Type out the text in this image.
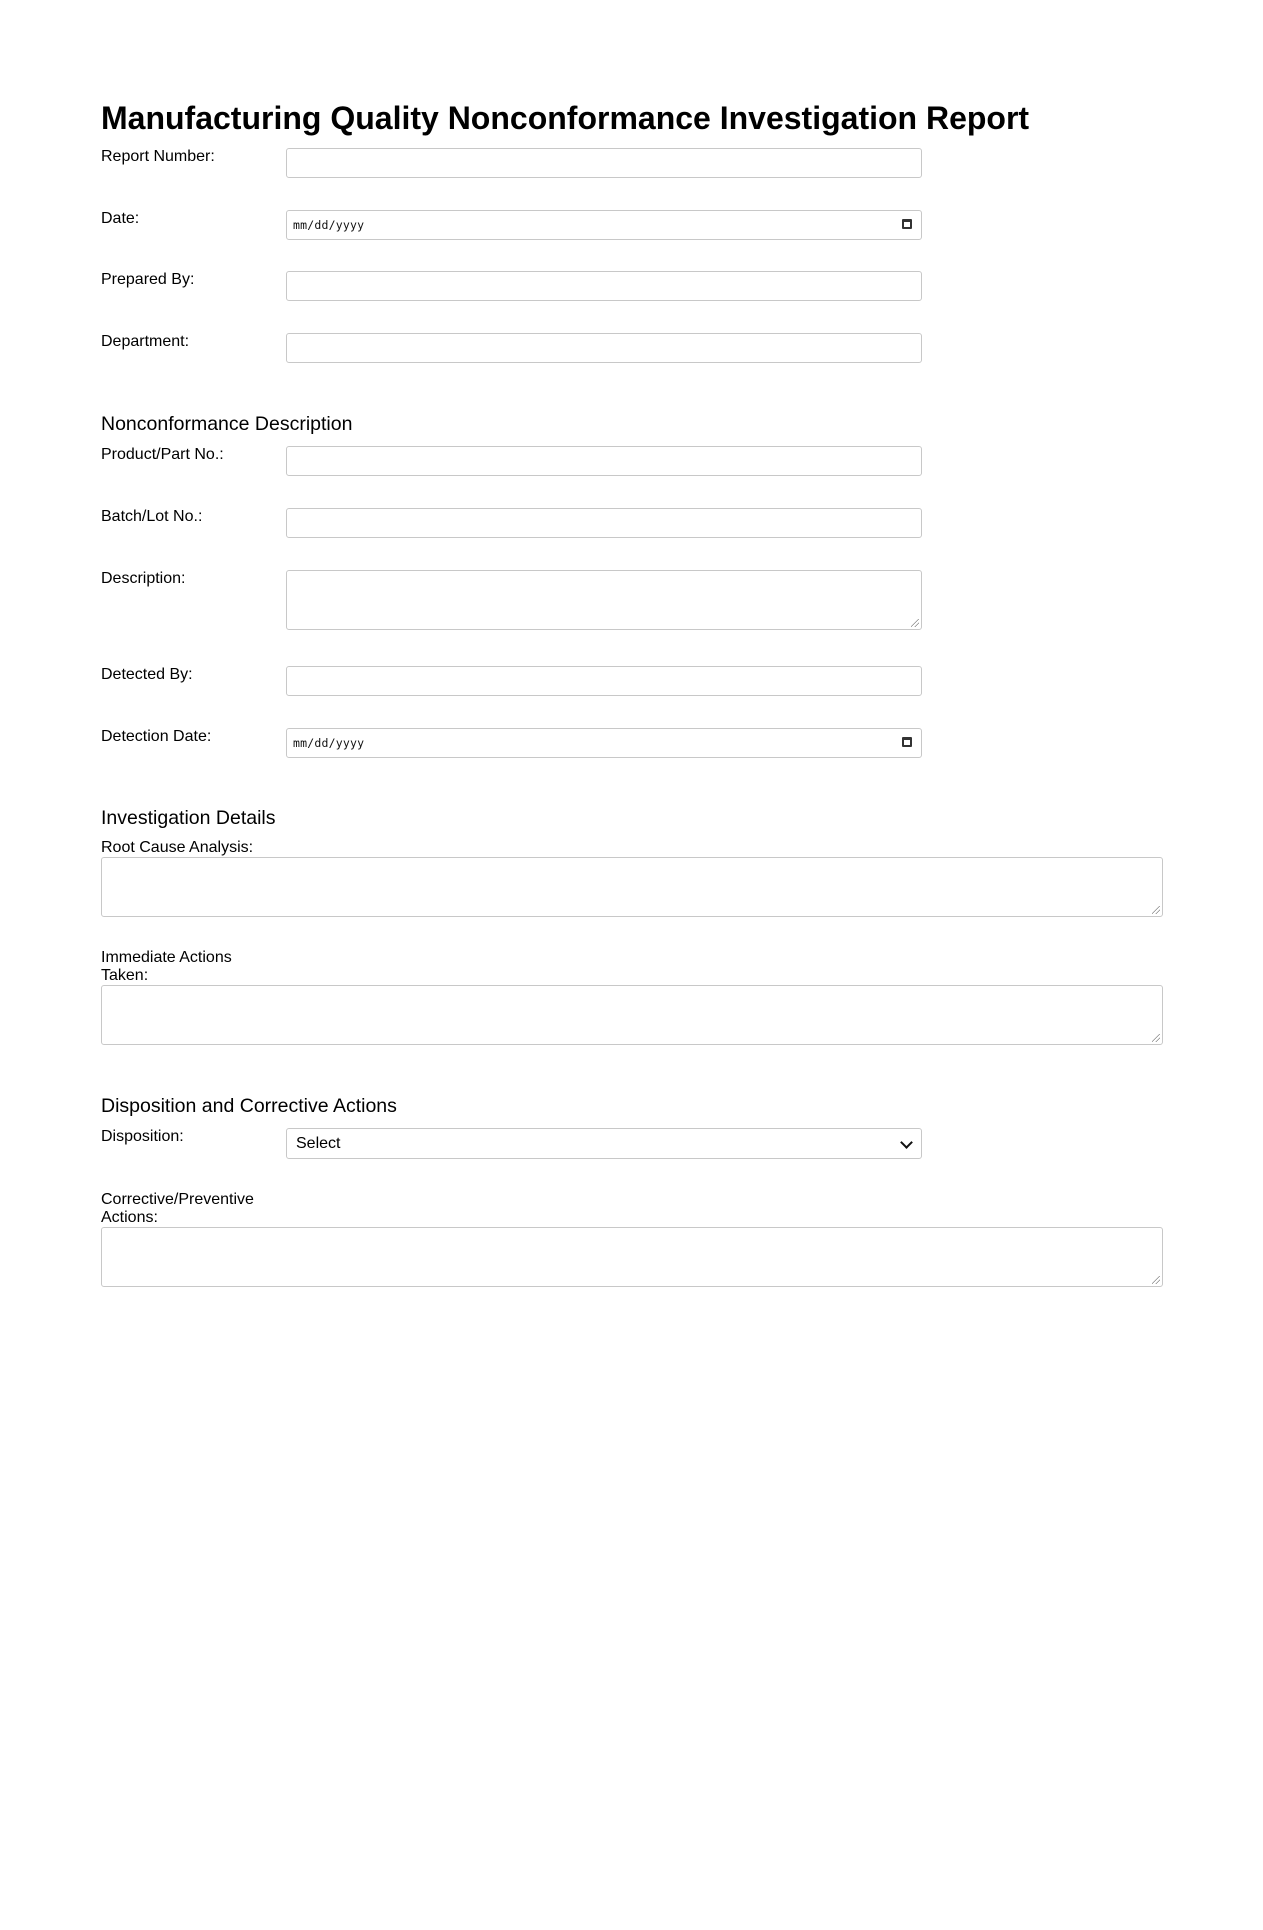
Manufacturing Quality Nonconformance Investigation Report
Report Number:
Date:	mm/dd/yyyy
Prepared By:
Department:
Nonconformance Description
Product/Part No.:
Batch/Lot No.:
Description:
Detected By:
Detection Date:	mm/dd/yyyy
Investigation Details
Root Cause Analysis:
Immediate Actions
Taken:
Disposition and Corrective Actions
Disposition:	Select
Corrective/Preventive
Actions:
